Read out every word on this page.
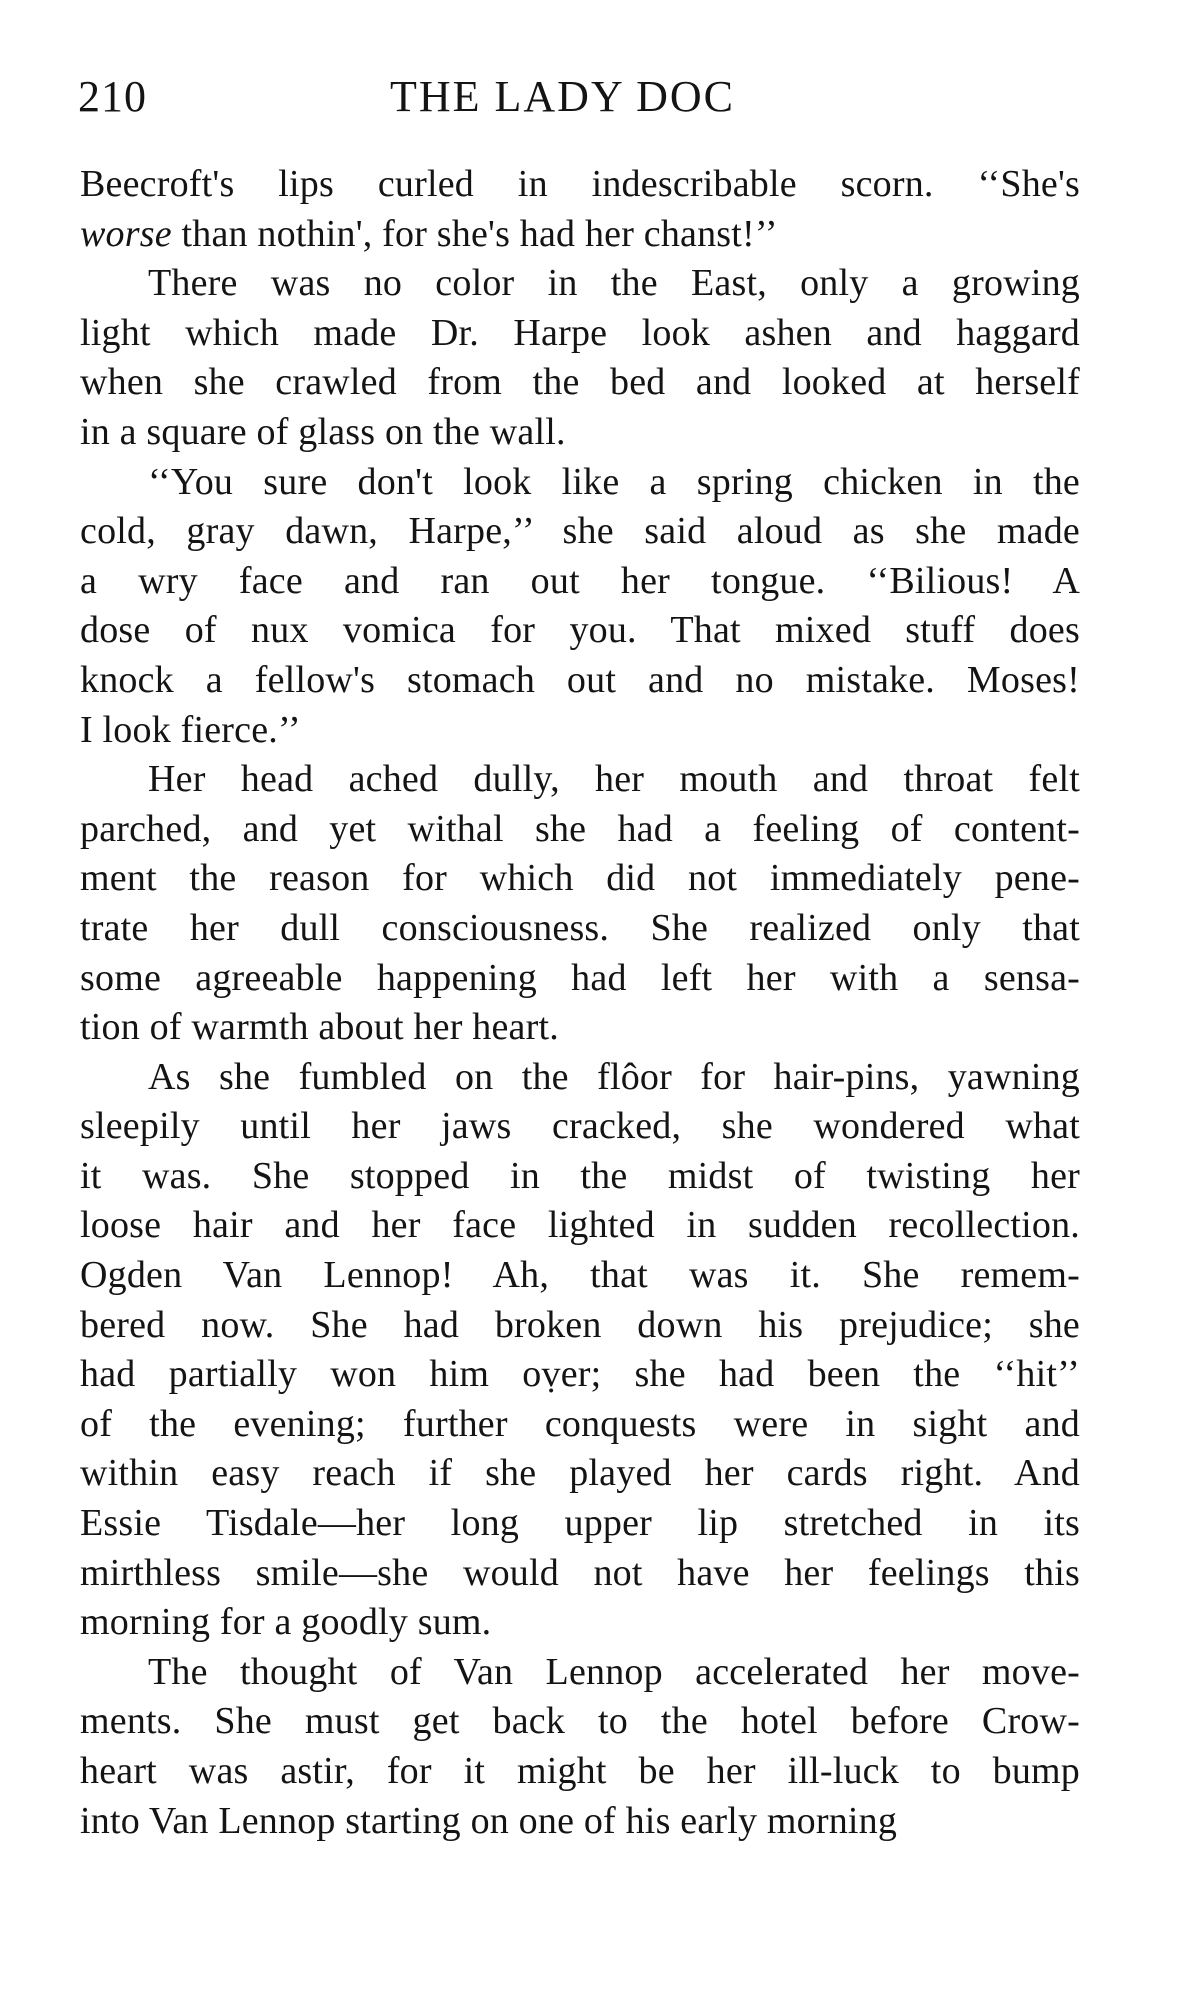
210	THE LADY DOC
Beecroft's lips curled in indescribable scorn. ‘‘She's
worse than nothin', for she's had her chanst!’’
There was no color in the East, only a growing
light which made Dr. Harpe look ashen and haggard
when she crawled from the bed and looked at herself
in a square of glass on the wall.
‘‘You sure don't look like a spring chicken in the
cold, gray dawn, Harpe,’’ she said aloud as she made
a wry face and ran out her tongue. ‘‘Bilious! A
dose of nux vomica for you. That mixed stuff does
knock a fellow's stomach out and no mistake. Moses!
I look fierce.’’
Her head ached dully, her mouth and throat felt
parched, and yet withal she had a feeling of content-
ment the reason for which did not immediately pene-
trate her dull consciousness. She realized only that
some agreeable happening had left her with a sensa-
tion of warmth about her heart.
As she fumbled on the flôor for hair-pins, yawning
sleepily until her jaws cracked, she wondered what
it was. She stopped in the midst of twisting her
loose hair and her face lighted in sudden recollection.
Ogden Van Lennop! Ah, that was it. She remem-
bered now. She had broken down his prejudice; she
had partially won him oṿer; she had been the ‘‘hit’’
of the evening; further conquests were in sight and
within easy reach if she played her cards right. And
Essie Tisdale—her long upper lip stretched in its
mirthless smile—she would not have her feelings this
morning for a goodly sum.
The thought of Van Lennop accelerated her move-
ments. She must get back to the hotel before Crow-
heart was astir, for it might be her ill-luck to bump
into Van Lennop starting on one of his early morning
